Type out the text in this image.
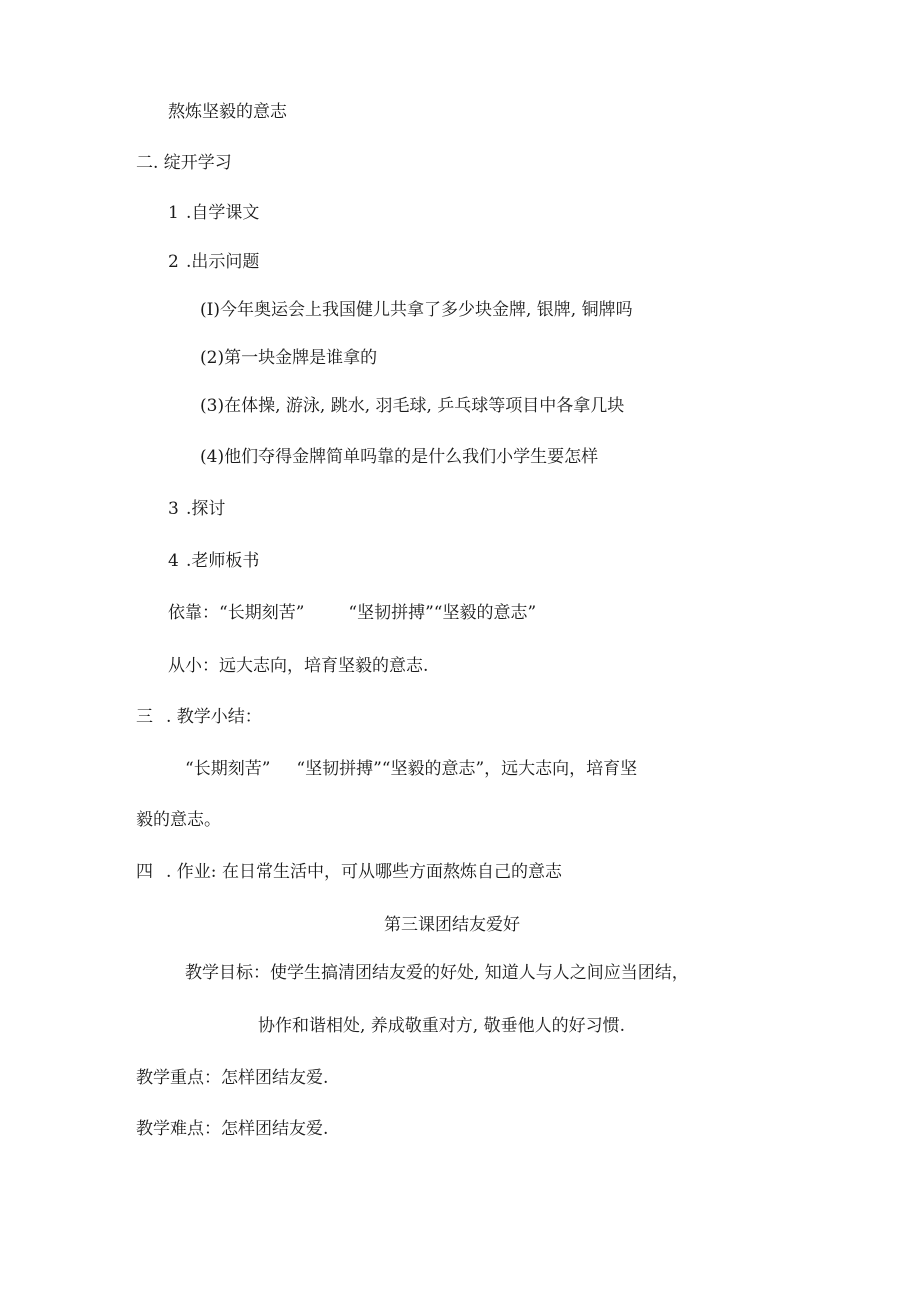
熬炼坚毅的意志
二. 绽开学习
1 .自学课文
2 .出示问题
(I)今年奥运会上我国健儿共拿了多少块金牌, 银牌, 铜牌吗
(2)第一块金牌是谁拿的
(3)在体操, 游泳, 跳水, 羽毛球, 乒乓球等项目中各拿几块
(4)他们夺得金牌简单吗靠的是什么我们小学生要怎样
3 .探讨
4 .老师板书
依靠：“长期刻苦”	“坚韧拼搏”“坚毅的意志”
从小：远大志向，培育坚毅的意志.
三 . 教学小结：
“长期刻苦” “坚韧拼搏”“坚毅的意志”，远大志向，培育坚
毅的意志。
四 . 作业: 在日常生活中，可从哪些方面熬炼自己的意志
第三课团结友爱好
教学目标：使学生搞清团结友爱的好处, 知道人与人之间应当团结，
协作和谐相处, 养成敬重对方, 敬垂他人的好习惯.
教学重点：怎样团结友爱.
教学难点：怎样团结友爱.
